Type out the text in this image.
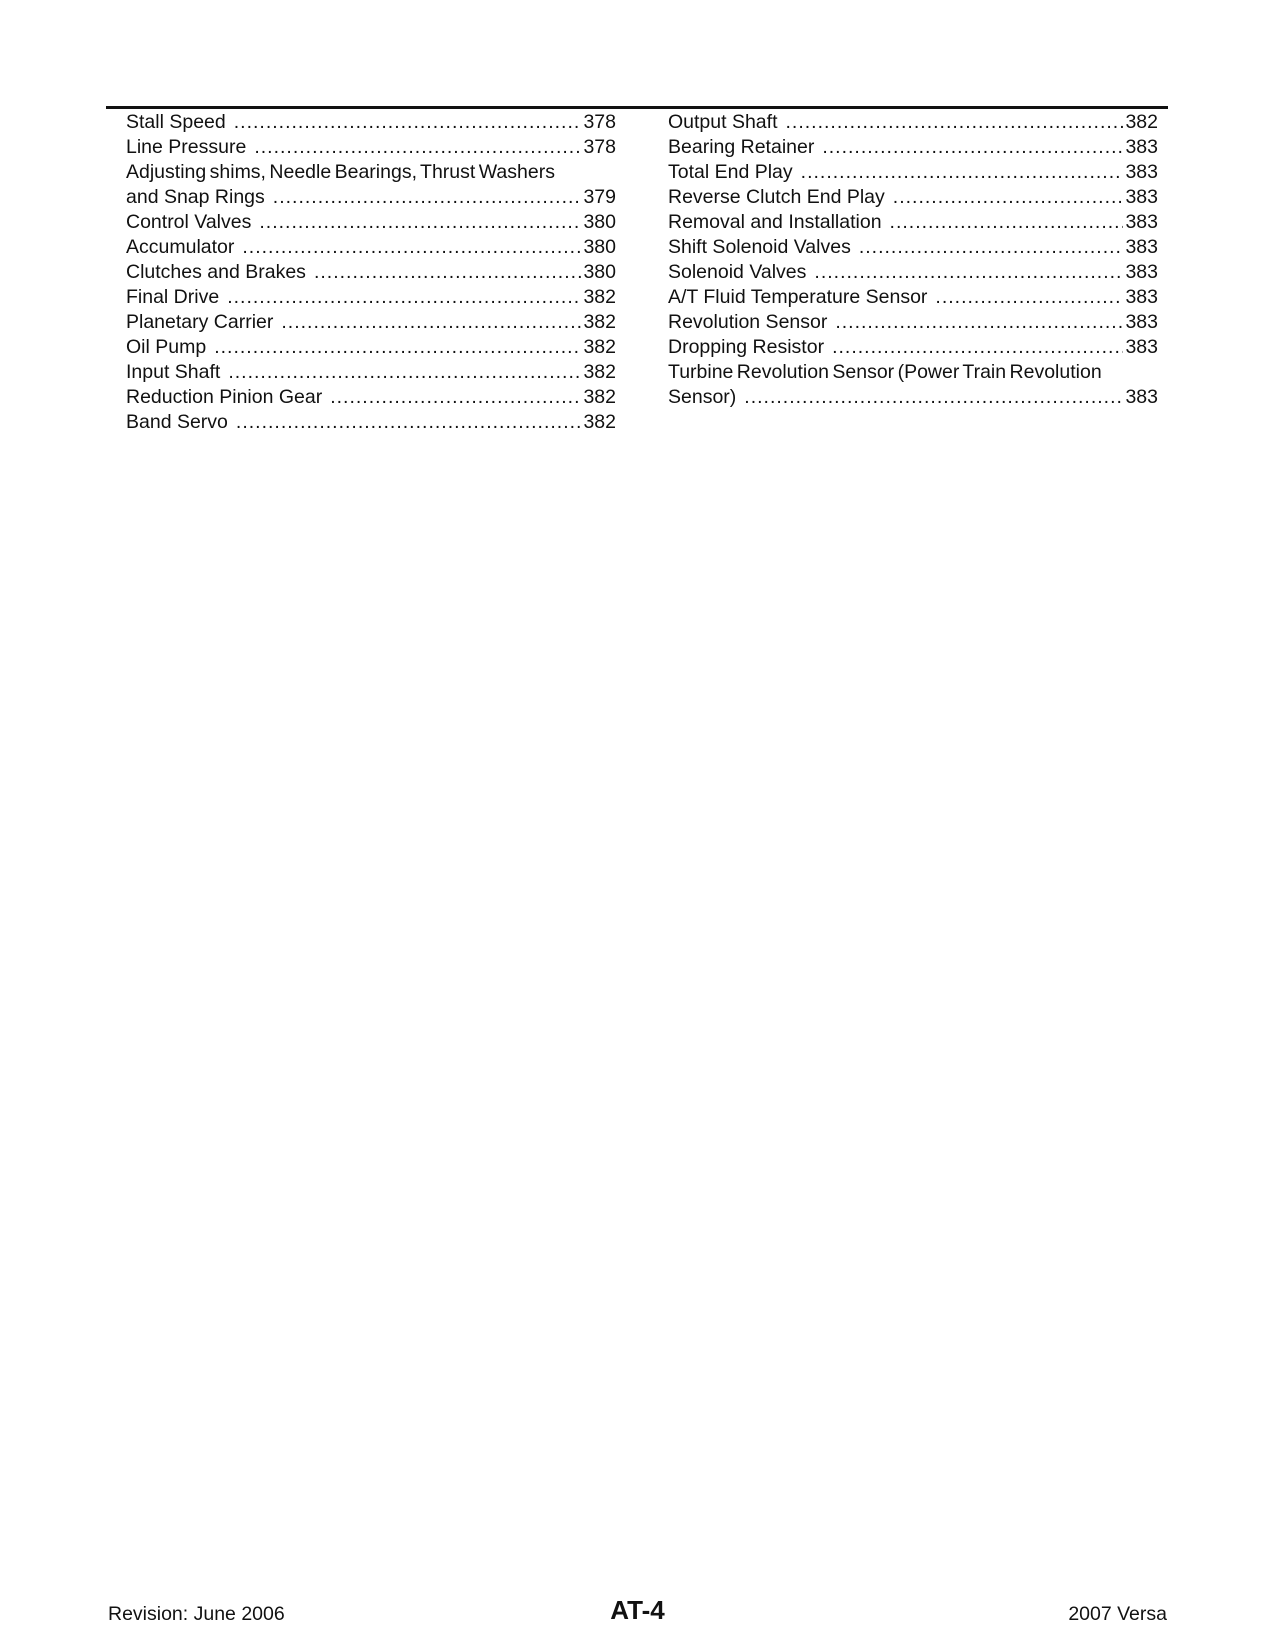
Stall Speed .....	378
Line Pressure .....	378
Adjusting shims, Needle Bearings, Thrust Washers
and Snap Rings .....	379
Control Valves .....	380
Accumulator .....	380
Clutches and Brakes .....	380
Final Drive .....	382
Planetary Carrier .....	382
Oil Pump .....	382
Input Shaft .....	382
Reduction Pinion Gear .....	382
Band Servo .....	382
Output Shaft .....	382
Bearing Retainer .....	383
Total End Play .....	383
Reverse Clutch End Play .....	383
Removal and Installation .....	383
Shift Solenoid Valves .....	383
Solenoid Valves .....	383
A/T Fluid Temperature Sensor .....	383
Revolution Sensor .....	383
Dropping Resistor .....	383
Turbine Revolution Sensor (Power Train Revolution
Sensor) .....	383
Revision: June 2006	AT-4	2007 Versa
